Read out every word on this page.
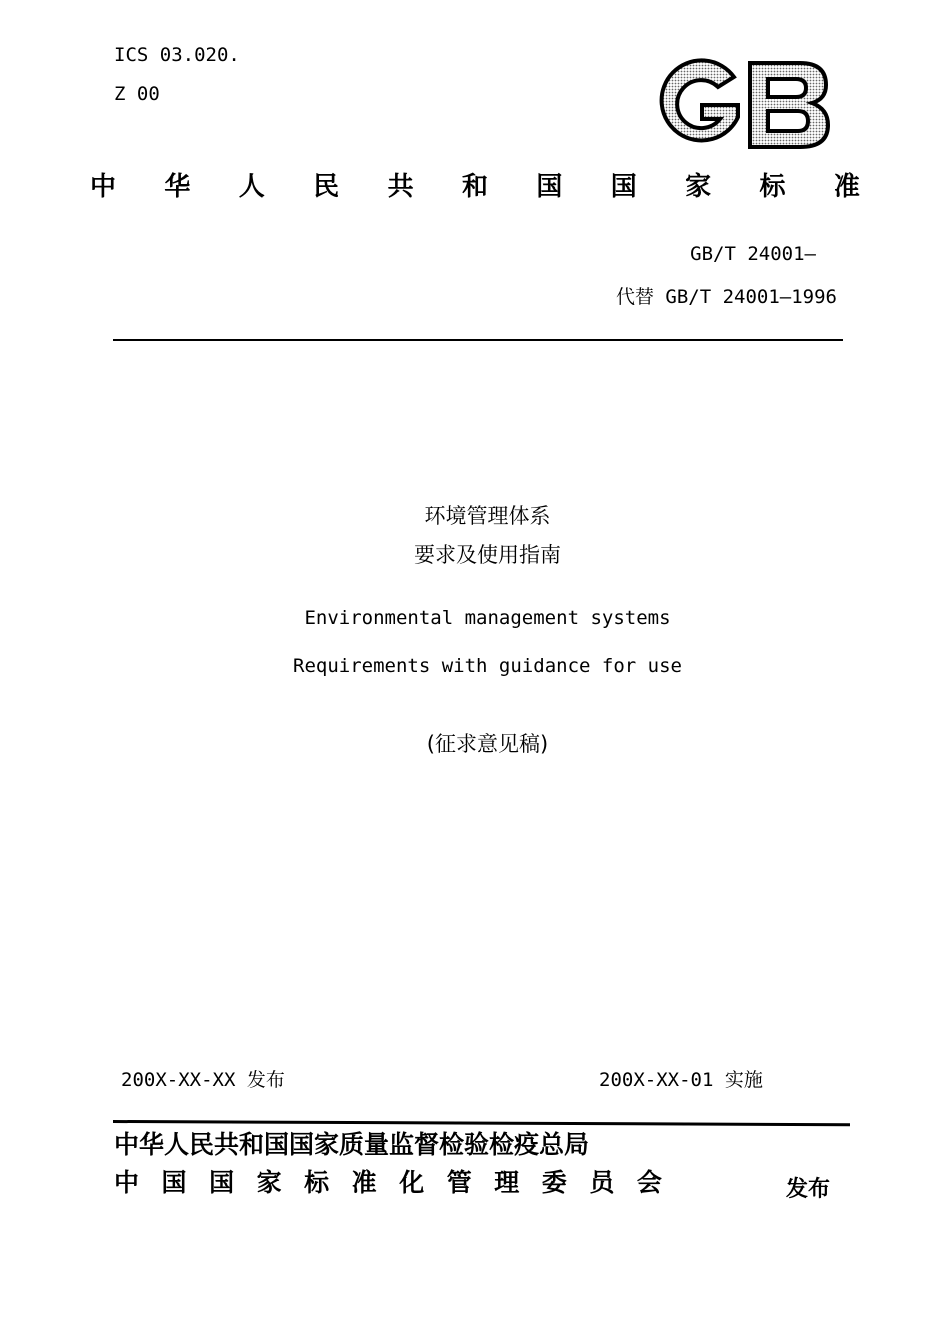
ICS 03.020.
Z 00
中 华 人 民 共 和 国 国 家 标 准
GB/T 24001—
代替 GB/T 24001—1996
环境管理体系
要求及使用指南
Environmental management systems
Requirements with guidance for use
(征求意见稿)
200X-XX-XX 发布	200X-XX-01 实施
中华人民共和国国家质量监督检验检疫总局
中 国 国 家 标 准 化 管 理 委 员 会	发布
